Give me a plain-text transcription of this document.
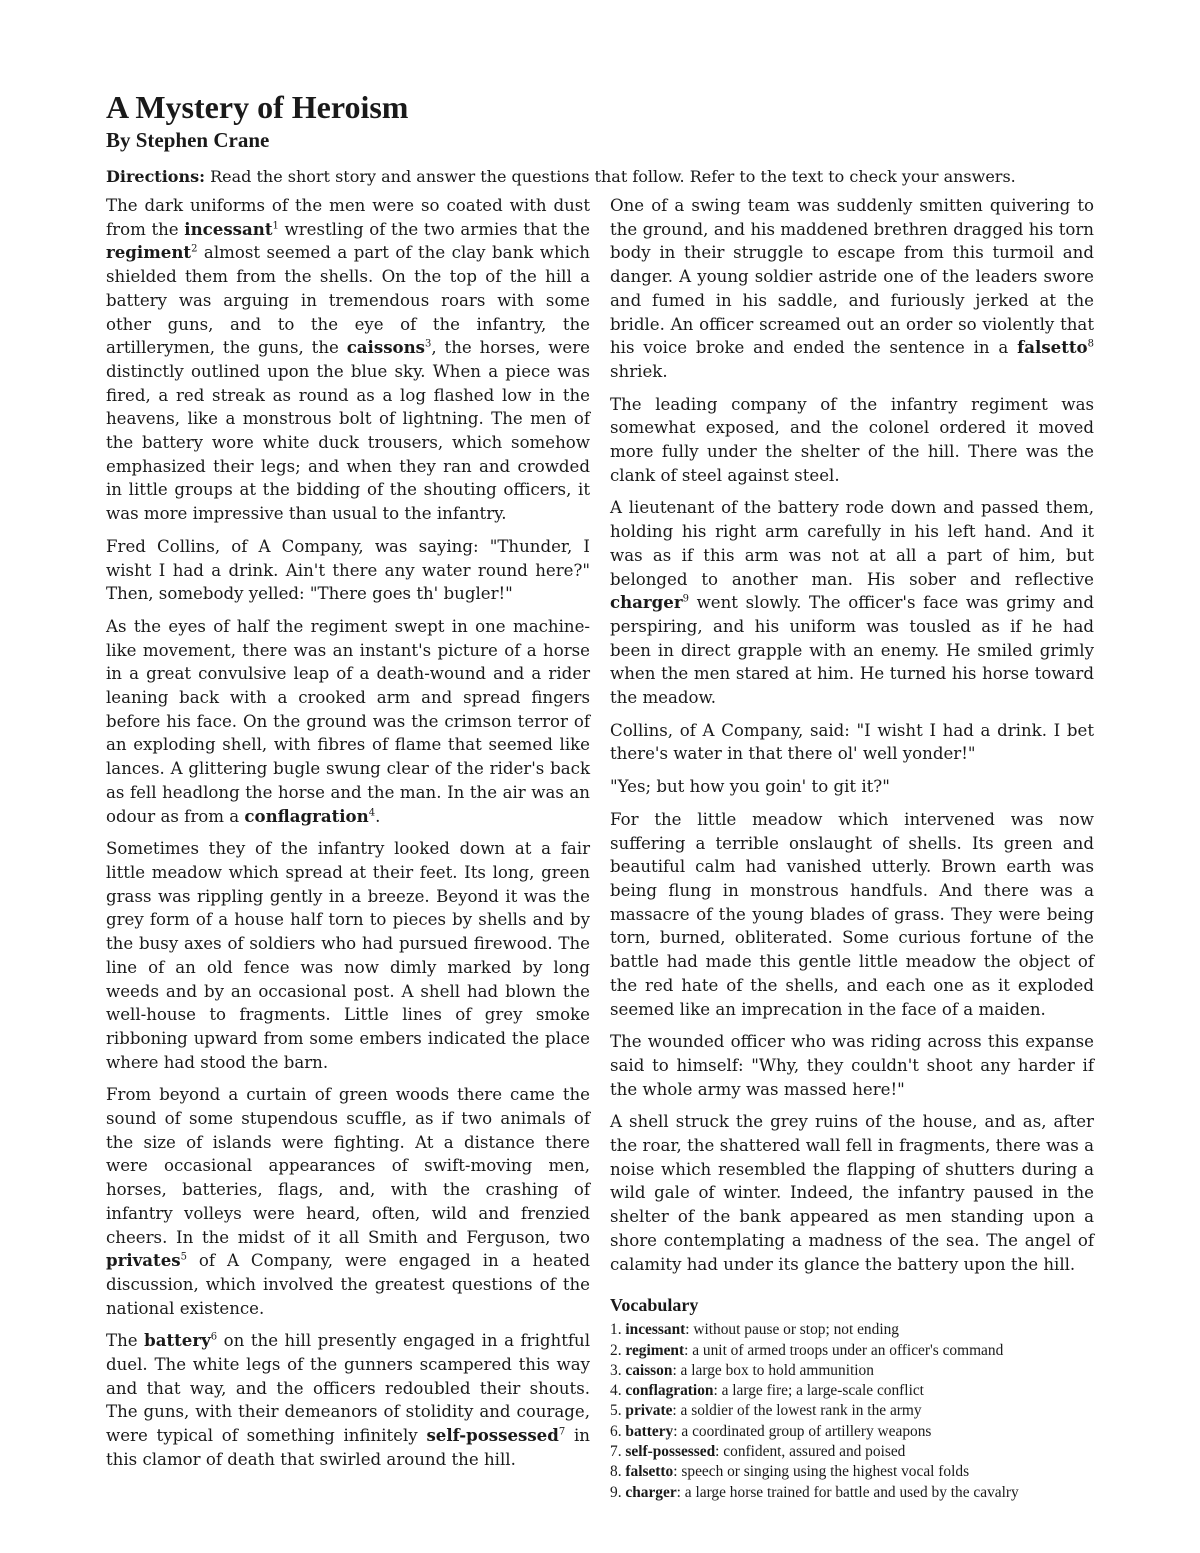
A Mystery of Heroism
By Stephen Crane
Directions: Read the short story and answer the questions that follow. Refer to the text to check your answers.

The dark uniforms of the men were so coated with dust from the incessant$^1$ wrestling of the two armies that the regiment$^2$ almost seemed a part of the clay bank which shielded them from the shells. On the top of the hill a battery was arguing in tremendous roars with some other guns, and to the eye of the infantry, the artillerymen, the guns, the caissons$^3$, the horses, were distinctly outlined upon the blue sky. When a piece was fired, a red streak as round as a log flashed low in the heavens, like a monstrous bolt of lightning. The men of the battery wore white duck trousers, which somehow emphasized their legs; and when they ran and crowded in little groups at the bidding of the shouting officers, it was more impressive than usual to the infantry.

Fred Collins, of A Company, was saying: "Thunder, I wisht I had a drink. Ain't there any water round here?" Then, somebody yelled: "There goes th' bugler!"

As the eyes of half the regiment swept in one machine-like movement, there was an instant's picture of a horse in a great convulsive leap of a death-wound and a rider leaning back with a crooked arm and spread fingers before his face. On the ground was the crimson terror of an exploding shell, with fibres of flame that seemed like lances. A glittering bugle swung clear of the rider's back as fell headlong the horse and the man. In the air was an odour as from a conflagration$^4$.

Sometimes they of the infantry looked down at a fair little meadow which spread at their feet. Its long, green grass was rippling gently in a breeze. Beyond it was the grey form of a house half torn to pieces by shells and by the busy axes of soldiers who had pursued firewood. The line of an old fence was now dimly marked by long weeds and by an occasional post. A shell had blown the well-house to fragments. Little lines of grey smoke ribboning upward from some embers indicated the place where had stood the barn.

From beyond a curtain of green woods there came the sound of some stupendous scuffle, as if two animals of the size of islands were fighting. At a distance there were occasional appearances of swift-moving men, horses, batteries, flags, and, with the crashing of infantry volleys were heard, often, wild and frenzied cheers. In the midst of it all Smith and Ferguson, two privates$^5$ of A Company, were engaged in a heated discussion, which involved the greatest questions of the national existence.

The battery$^6$ on the hill presently engaged in a frightful duel. The white legs of the gunners scampered this way and that way, and the officers redoubled their shouts. The guns, with their demeanors of stolidity and courage, were typical of something infinitely self-possessed$^7$ in this clamor of death that swirled around the hill.

One of a swing team was suddenly smitten quivering to the ground, and his maddened brethren dragged his torn body in their struggle to escape from this turmoil and danger. A young soldier astride one of the leaders swore and fumed in his saddle, and furiously jerked at the bridle. An officer screamed out an order so violently that his voice broke and ended the sentence in a falsetto$^8$ shriek.

The leading company of the infantry regiment was somewhat exposed, and the colonel ordered it moved more fully under the shelter of the hill. There was the clank of steel against steel.

A lieutenant of the battery rode down and passed them, holding his right arm carefully in his left hand. And it was as if this arm was not at all a part of him, but belonged to another man. His sober and reflective charger$^9$ went slowly. The officer's face was grimy and perspiring, and his uniform was tousled as if he had been in direct grapple with an enemy. He smiled grimly when the men stared at him. He turned his horse toward the meadow.

Collins, of A Company, said: "I wisht I had a drink. I bet there's water in that there ol' well yonder!"

"Yes; but how you goin' to git it?"

For the little meadow which intervened was now suffering a terrible onslaught of shells. Its green and beautiful calm had vanished utterly. Brown earth was being flung in monstrous handfuls. And there was a massacre of the young blades of grass. They were being torn, burned, obliterated. Some curious fortune of the battle had made this gentle little meadow the object of the red hate of the shells, and each one as it exploded seemed like an imprecation in the face of a maiden.

The wounded officer who was riding across this expanse said to himself: "Why, they couldn't shoot any harder if the whole army was massed here!"

A shell struck the grey ruins of the house, and as, after the roar, the shattered wall fell in fragments, there was a noise which resembled the flapping of shutters during a wild gale of winter. Indeed, the infantry paused in the shelter of the bank appeared as men standing upon a shore contemplating a madness of the sea. The angel of calamity had under its glance the battery upon the hill.

Vocabulary
1. incessant: without pause or stop; not ending
2. regiment: a unit of armed troops under an officer's command
3. caisson: a large box to hold ammunition
4. conflagration: a large fire; a large-scale conflict
5. private: a soldier of the lowest rank in the army
6. battery: a coordinated group of artillery weapons
7. self-possessed: confident, assured and poised
8. falsetto: speech or singing using the highest vocal folds
9. charger: a large horse trained for battle and used by the cavalry
